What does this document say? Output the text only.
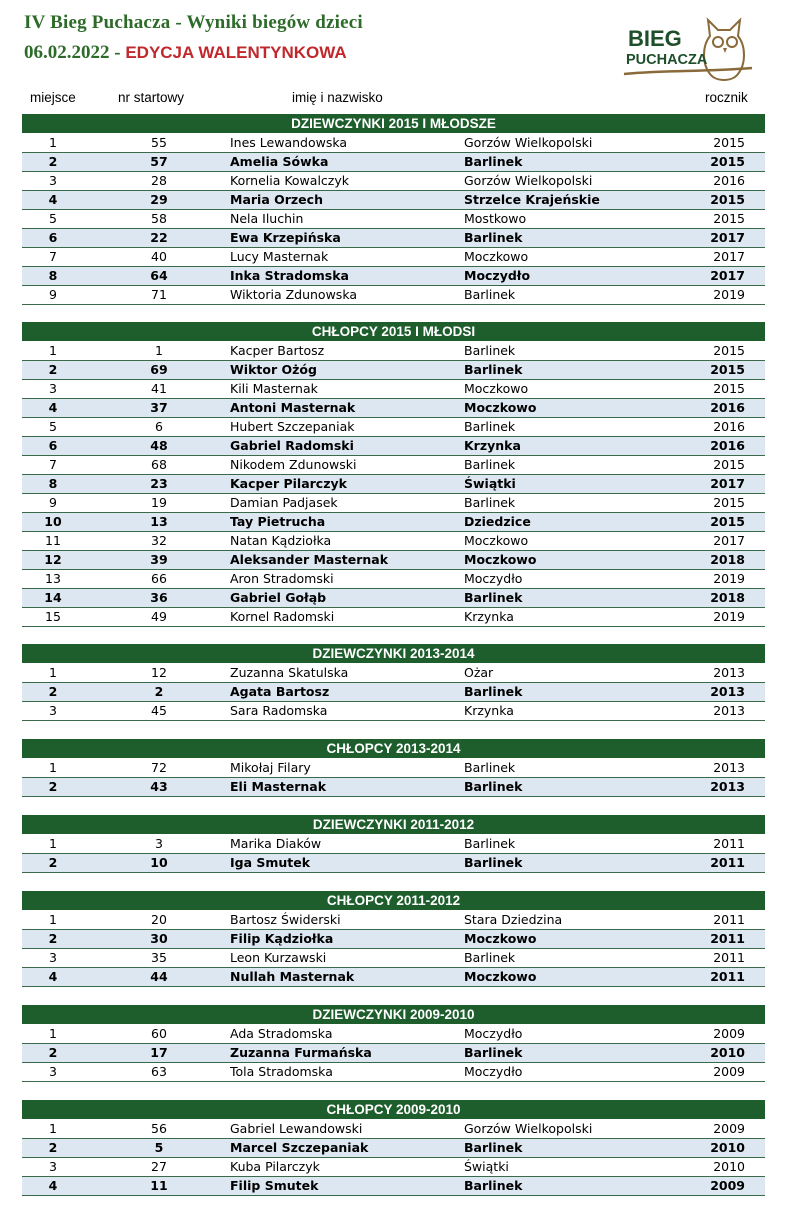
IV Bieg Puchacza - Wyniki biegów dzieci
06.02.2022 - EDYCJA WALENTYNKOWA
BIEG
PUCHACZA
miejsce	nr startowy	imię i nazwisko	rocznik
DZIEWCZYNKI 2015 I MŁODSZE
1	55	Ines Lewandowska	Gorzów Wielkopolski	2015
2	57	Amelia Sówka	Barlinek	2015
3	28	Kornelia Kowalczyk	Gorzów Wielkopolski	2016
4	29	Maria Orzech	Strzelce Krajeńskie	2015
5	58	Nela Iluchin	Mostkowo	2015
6	22	Ewa Krzepińska	Barlinek	2017
7	40	Lucy Masternak	Moczkowo	2017
8	64	Inka Stradomska	Moczydło	2017
9	71	Wiktoria Zdunowska	Barlinek	2019
CHŁOPCY 2015 I MŁODSI
1	1	Kacper Bartosz	Barlinek	2015
2	69	Wiktor Ożóg	Barlinek	2015
3	41	Kili Masternak	Moczkowo	2015
4	37	Antoni Masternak	Moczkowo	2016
5	6	Hubert Szczepaniak	Barlinek	2016
6	48	Gabriel Radomski	Krzynka	2016
7	68	Nikodem Zdunowski	Barlinek	2015
8	23	Kacper Pilarczyk	Świątki	2017
9	19	Damian Padjasek	Barlinek	2015
10	13	Tay Pietrucha	Dziedzice	2015
11	32	Natan Kądziołka	Moczkowo	2017
12	39	Aleksander Masternak	Moczkowo	2018
13	66	Aron Stradomski	Moczydło	2019
14	36	Gabriel Gołąb	Barlinek	2018
15	49	Kornel Radomski	Krzynka	2019
DZIEWCZYNKI 2013-2014
1	12	Zuzanna Skatulska	Ożar	2013
2	2	Agata Bartosz	Barlinek	2013
3	45	Sara Radomska	Krzynka	2013
CHŁOPCY 2013-2014
1	72	Mikołaj Filary	Barlinek	2013
2	43	Eli Masternak	Barlinek	2013
DZIEWCZYNKI 2011-2012
1	3	Marika Diaków	Barlinek	2011
2	10	Iga Smutek	Barlinek	2011
CHŁOPCY 2011-2012
1	20	Bartosz Świderski	Stara Dziedzina	2011
2	30	Filip Kądziołka	Moczkowo	2011
3	35	Leon Kurzawski	Barlinek	2011
4	44	Nullah Masternak	Moczkowo	2011
DZIEWCZYNKI 2009-2010
1	60	Ada Stradomska	Moczydło	2009
2	17	Zuzanna Furmańska	Barlinek	2010
3	63	Tola Stradomska	Moczydło	2009
CHŁOPCY 2009-2010
1	56	Gabriel Lewandowski	Gorzów Wielkopolski	2009
2	5	Marcel Szczepaniak	Barlinek	2010
3	27	Kuba Pilarczyk	Świątki	2010
4	11	Filip Smutek	Barlinek	2009
